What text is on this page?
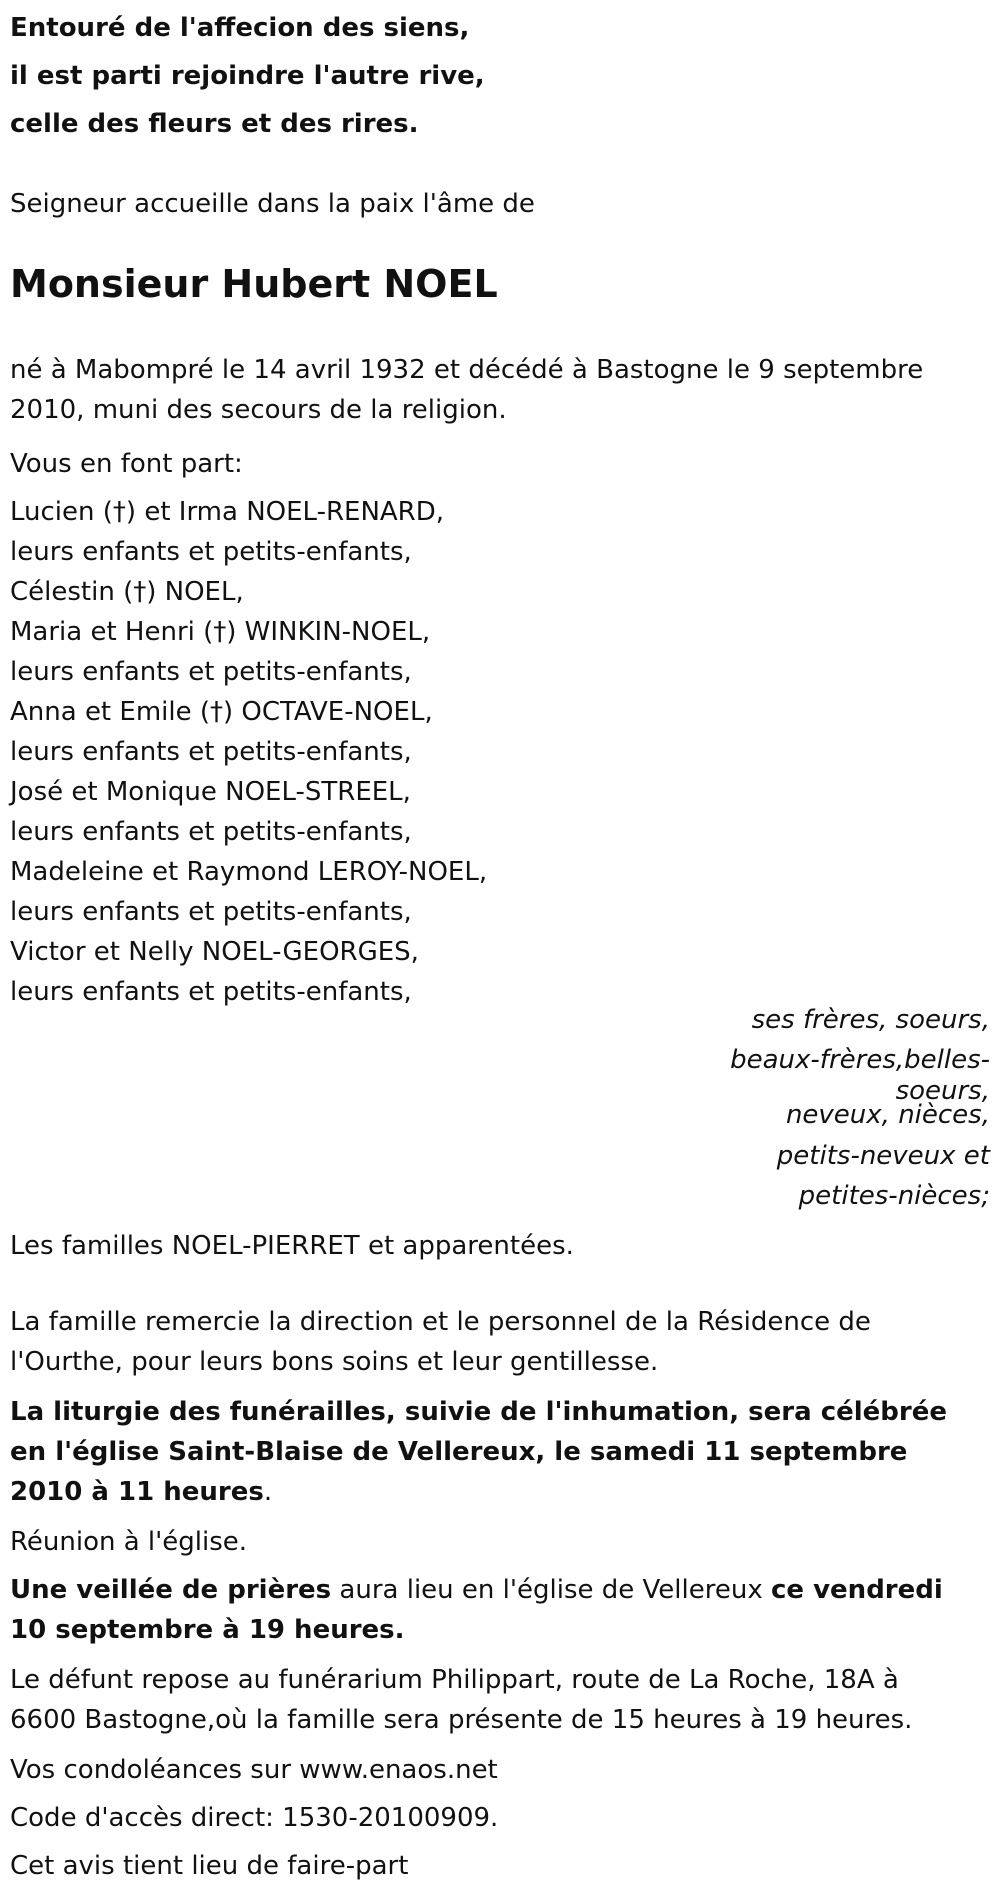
Entouré de l'affecion des siens,
il est parti rejoindre l'autre rive,
celle des fleurs et des rires.
Seigneur accueille dans la paix l'âme de
Monsieur Hubert NOEL
né à Mabompré le 14 avril 1932 et décédé à Bastogne le 9 septembre 2010, muni des secours de la religion.
Vous en font part:
Lucien (†) et Irma NOEL-RENARD,
leurs enfants et petits-enfants,
Célestin (†) NOEL,
Maria et Henri (†) WINKIN-NOEL,
leurs enfants et petits-enfants,
Anna et Emile (†) OCTAVE-NOEL,
leurs enfants et petits-enfants,
José et Monique NOEL-STREEL,
leurs enfants et petits-enfants,
Madeleine et Raymond LEROY-NOEL,
leurs enfants et petits-enfants,
Victor et Nelly NOEL-GEORGES,
leurs enfants et petits-enfants,
ses frères, soeurs,
beaux-frères,belles-
soeurs,
neveux, nièces,
petits-neveux et
petites-nièces;
Les familles NOEL-PIERRET et apparentées.
La famille remercie la direction et le personnel de la Résidence de l'Ourthe, pour leurs bons soins et leur gentillesse.
La liturgie des funérailles, suivie de l'inhumation, sera célébrée en l'église Saint-Blaise de Vellereux, le samedi 11 septembre 2010 à 11 heures.
Réunion à l'église.
Une veillée de prières aura lieu en l'église de Vellereux ce vendredi 10 septembre à 19 heures.
Le défunt repose au funérarium Philippart, route de La Roche, 18A à 6600 Bastogne,où la famille sera présente de 15 heures à 19 heures.
Vos condoléances sur www.enaos.net
Code d'accès direct: 1530-20100909.
Cet avis tient lieu de faire-part
